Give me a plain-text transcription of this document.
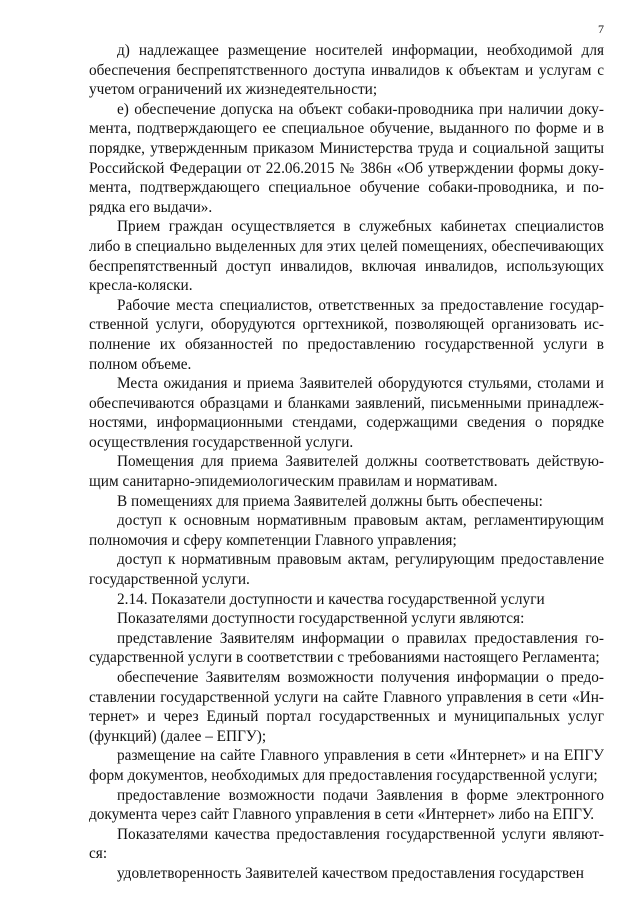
7

д) надлежащее размещение носителей информации, необходимой для обеспечения беспрепятственного доступа инвалидов к объектам и услугам с учетом ограничений их жизнедеятельности;

е) обеспечение допуска на объект собаки-проводника при наличии документа, подтверждающего ее специальное обучение, выданного по форме и в порядке, утвержденным приказом Министерства труда и социальной защиты Российской Федерации от 22.06.2015 № 386н «Об утверждении формы документа, подтверждающего специальное обучение собаки-проводника, и порядка его выдачи».

Прием граждан осуществляется в служебных кабинетах специалистов либо в специально выделенных для этих целей помещениях, обеспечивающих беспрепятственный доступ инвалидов, включая инвалидов, использующих кресла-коляски.

Рабочие места специалистов, ответственных за предоставление государственной услуги, оборудуются оргтехникой, позволяющей организовать исполнение их обязанностей по предоставлению государственной услуги в полном объеме.

Места ожидания и приема Заявителей оборудуются стульями, столами и обеспечиваются образцами и бланками заявлений, письменными принадлежностями, информационными стендами, содержащими сведения о порядке осуществления государственной услуги.

Помещения для приема Заявителей должны соответствовать действующим санитарно-эпидемиологическим правилам и нормативам.

В помещениях для приема Заявителей должны быть обеспечены:

доступ к основным нормативным правовым актам, регламентирующим полномочия и сферу компетенции Главного управления;

доступ к нормативным правовым актам, регулирующим предоставление государственной услуги.

2.14. Показатели доступности и качества государственной услуги

Показателями доступности государственной услуги являются:

представление Заявителям информации о правилах предоставления государственной услуги в соответствии с требованиями настоящего Регламента;

обеспечение Заявителям возможности получения информации о предоставлении государственной услуги на сайте Главного управления в сети «Интернет» и через Единый портал государственных и муниципальных услуг (функций) (далее – ЕПГУ);

размещение на сайте Главного управления в сети «Интернет» и на ЕПГУ форм документов, необходимых для предоставления государственной услуги;

предоставление возможности подачи Заявления в форме электронного документа через сайт Главного управления в сети «Интернет» либо на ЕПГУ.

Показателями качества предоставления государственной услуги являются:

удовлетворенность Заявителей качеством предоставления государствен
